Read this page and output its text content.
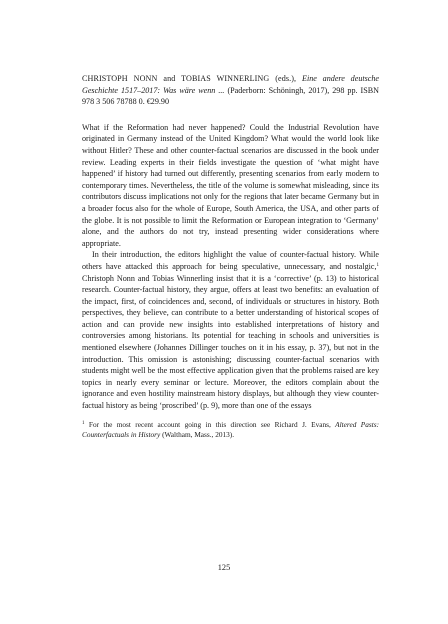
CHRISTOPH NONN and TOBIAS WINNERLING (eds.), Eine andere deutsche Geschichte 1517–2017: Was wäre wenn ... (Paderborn: Schöningh, 2017), 298 pp. ISBN 978 3 506 78788 0. €29.90

What if the Reformation had never happened? Could the Industrial Revolution have originated in Germany instead of the United Kingdom? What would the world look like without Hitler? These and other counter-factual scenarios are discussed in the book under review. Leading experts in their fields investigate the question of ‘what might have happened’ if history had turned out differently, presenting scenarios from early modern to contemporary times. Nevertheless, the title of the volume is somewhat misleading, since its contributors discuss implications not only for the regions that later became Germany but in a broader focus also for the whole of Europe, South America, the USA, and other parts of the globe. It is not possible to limit the Reformation or European integration to ‘Germany’ alone, and the authors do not try, instead presenting wider considerations where appropriate.

In their introduction, the editors highlight the value of counter-factual history. While others have attacked this approach for being speculative, unnecessary, and nostalgic,$^1$ Christoph Nonn and Tobias Winnerling insist that it is a ‘corrective’ (p. 13) to historical research. Counter-factual history, they argue, offers at least two benefits: an evaluation of the impact, first, of coincidences and, second, of individuals or structures in history. Both perspectives, they believe, can contribute to a better understanding of historical scopes of action and can provide new insights into established interpretations of history and controversies among historians. Its potential for teaching in schools and universities is mentioned elsewhere (Johannes Dillinger touches on it in his essay, p. 37), but not in the introduction. This omission is astonishing; discussing counter-factual scenarios with students might well be the most effective application given that the problems raised are key topics in nearly every seminar or lecture. Moreover, the editors complain about the ignorance and even hostility mainstream history displays, but although they view counter-factual history as being ‘proscribed’ (p. 9), more than one of the essays

$^1$ For the most recent account going in this direction see Richard J. Evans, Altered Pasts: Counterfactuals in History (Waltham, Mass., 2013).
125
